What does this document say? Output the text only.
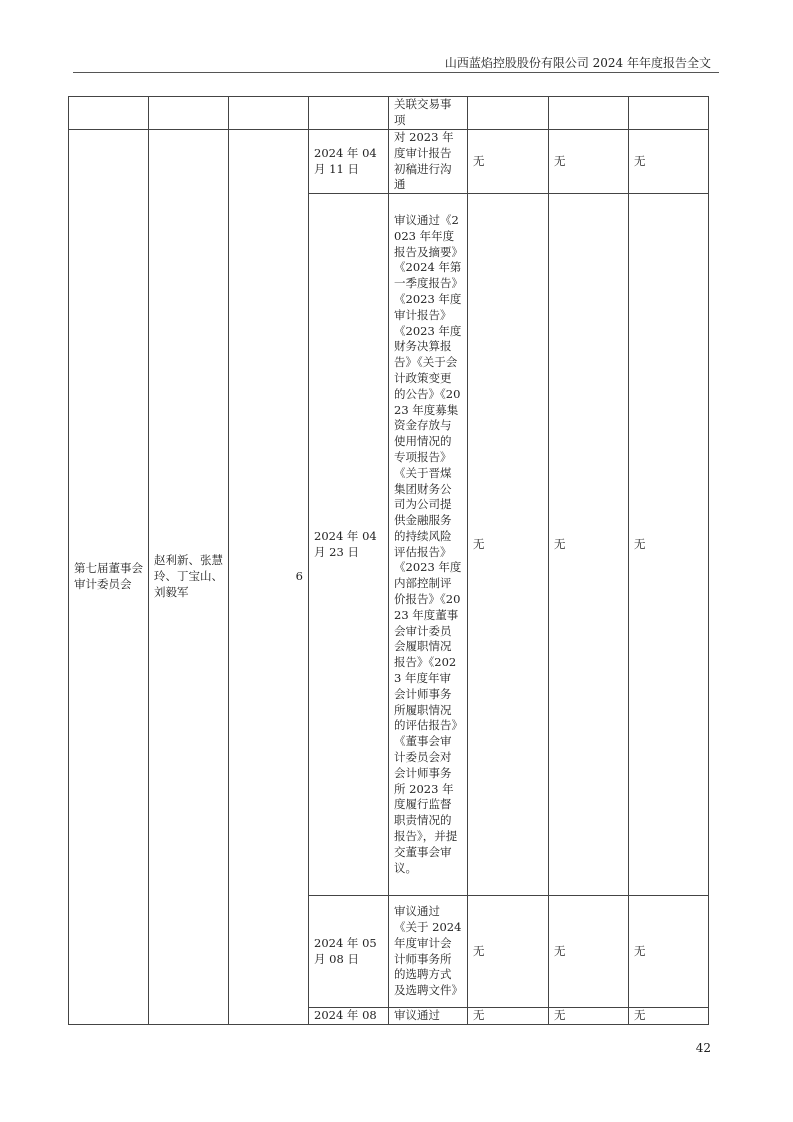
山西蓝焰控股股份有限公司 2024 年年度报告全文
				关联交易事项			
第七届董事会审计委员会	赵利新、张慧玲、丁宝山、刘毅军	6	2024 年 04 月 11 日	对 2023 年度审计报告初稿进行沟通	无	无	无
			2024 年 04 月 23 日	审议通过《2023 年年度报告及摘要》《2024 年第一季度报告》《2023 年度审计报告》《2023 年度财务决算报告》《关于会计政策变更的公告》《2023 年度募集资金存放与使用情况的专项报告》《关于晋煤集团财务公司为公司提供金融服务的持续风险评估报告》《2023 年度内部控制评价报告》《2023 年度董事会审计委员会履职情况报告》《2023 年度年审会计师事务所履职情况的评估报告》《董事会审计委员会对会计师事务所 2023 年度履行监督职责情况的报告》，并提交董事会审议。	无	无	无
			2024 年 05 月 08 日	审议通过《关于 2024 年度审计会计师事务所的选聘方式及选聘文件》	无	无	无
			2024 年 08	审议通过	无	无	无
42
